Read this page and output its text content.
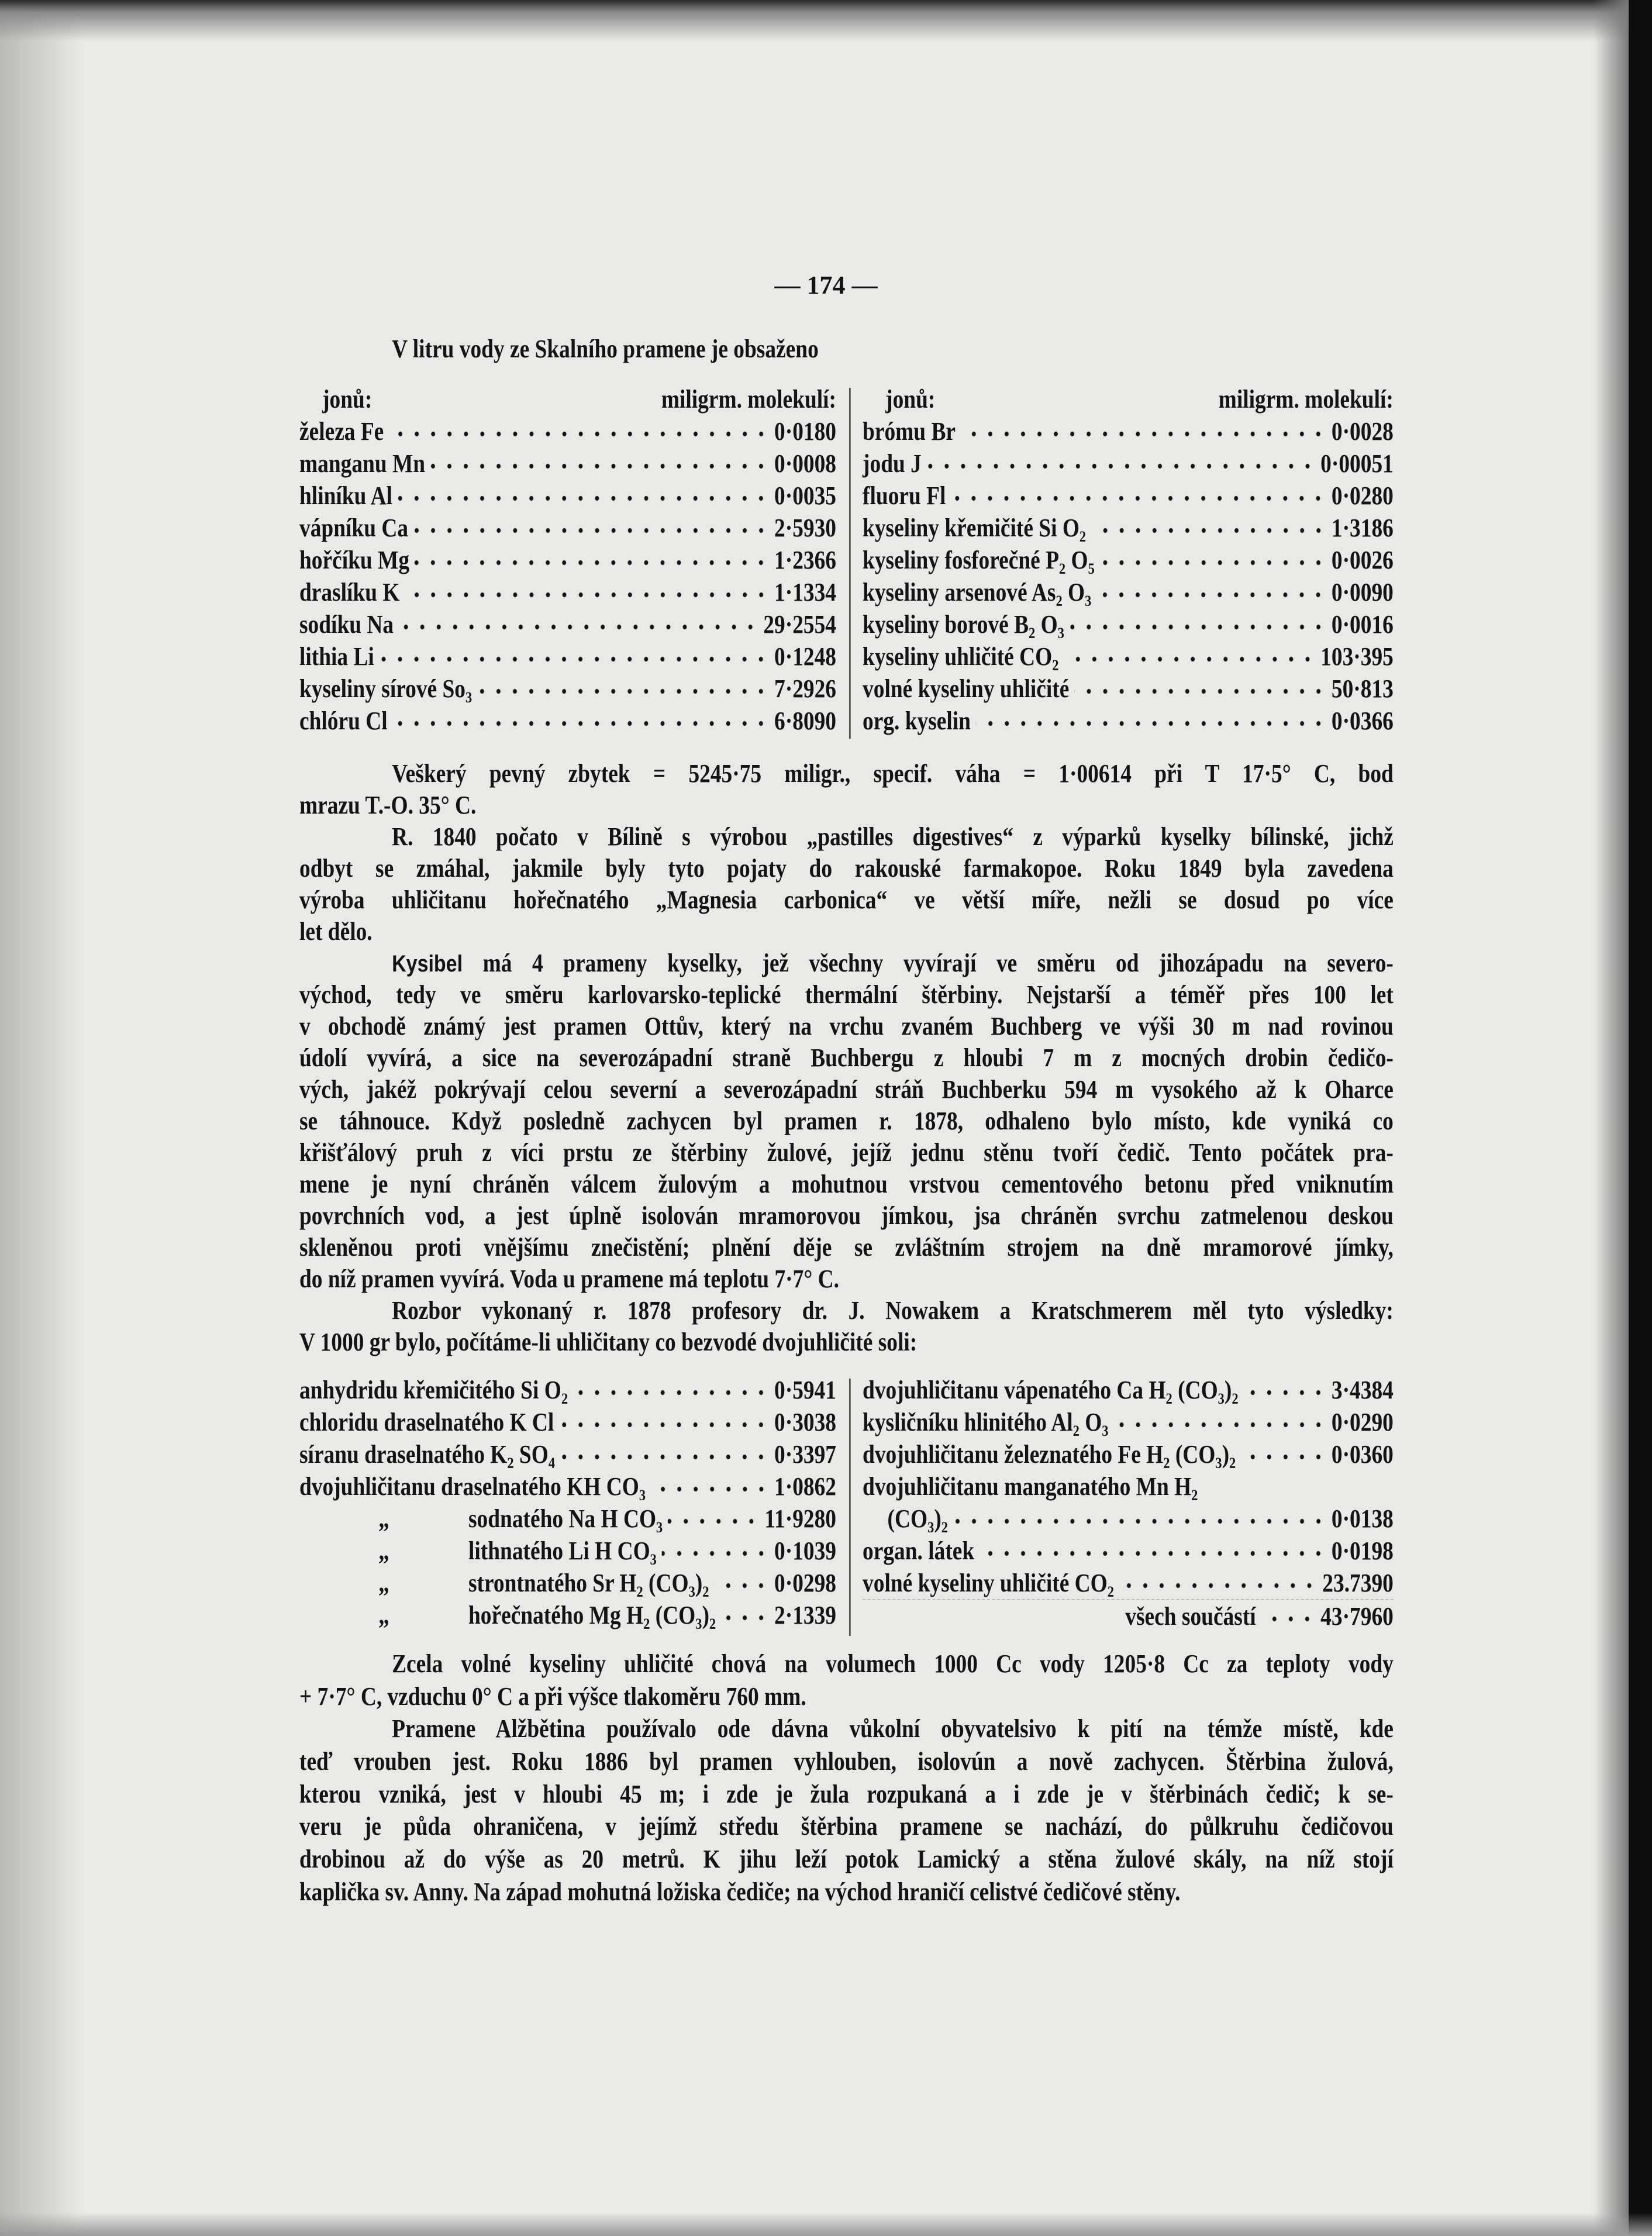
— 174 —
V litru vody ze Skalního pramene je obsaženo
jonů:	miligrm. molekulí:
železa Fe	0·0180
manganu Mn	0·0008
hliníku Al	0·0035
vápníku Ca	2·5930
hořčíku Mg	1·2366
draslíku K	1·1334
sodíku Na	29·2554
lithia Li	0·1248
kyseliny sírové So₃	7·2926
chlóru Cl	6·8090
jonů:	miligrm. molekulí:
brómu Br	0·0028
jodu J	0·00051
fluoru Fl	0·0280
kyseliny křemičité Si O₂	1·3186
kyseliny fosforečné P₂ O₅	0·0026
kyseliny arsenové As₂ O₃	0·0090
kyseliny borové B₂ O₃	0·0016
kyseliny uhličité CO₂	103·395
volné kyseliny uhličité	50·813
org. kyselin	0·0366
Veškerý pevný zbytek = 5245·75 miligr., specif. váha = 1·00614 při T 17·5° C, bod
mrazu T.-O. 35° C.
R. 1840 počato v Bílině s výrobou „pastilles digestives“ z výparků kyselky bílinské, jichž
odbyt se zmáhal, jakmile byly tyto pojaty do rakouské farmakopoe. Roku 1849 byla zavedena
výroba uhličitanu hořečnatého „Magnesia carbonica“ ve větší míře, nežli se dosud po více
let dělo.
Kysibel má 4 prameny kyselky, jež všechny vyvírají ve směru od jihozápadu na severo-
východ, tedy ve směru karlovarsko-teplické thermální štěrbiny. Nejstarší a téměř přes 100 let
v obchodě známý jest pramen Ottův, který na vrchu zvaném Buchberg ve výši 30 m nad rovinou
údolí vyvírá, a sice na severozápadní straně Buchbergu z hloubi 7 m z mocných drobin čedičo-
vých, jakéž pokrývají celou severní a severozápadní stráň Buchberku 594 m vysokého až k Oharce
se táhnouce. Když posledně zachycen byl pramen r. 1878, odhaleno bylo místo, kde vyniká co
křišťálový pruh z víci prstu ze štěrbiny žulové, jejíž jednu stěnu tvoří čedič. Tento počátek pra-
mene je nyní chráněn válcem žulovým a mohutnou vrstvou cementového betonu před vniknutím
povrchních vod, a jest úplně isolován mramorovou jímkou, jsa chráněn svrchu zatmelenou deskou
skleněnou proti vnějšímu znečistění; plnění děje se zvláštním strojem na dně mramorové jímky,
do níž pramen vyvírá. Voda u pramene má teplotu 7·7° C.
Rozbor vykonaný r. 1878 profesory dr. J. Nowakem a Kratschmerem měl tyto výsledky:
V 1000 gr bylo, počítáme-li uhličitany co bezvodé dvojuhličité soli:
anhydridu křemičitého Si O₂	0·5941
chloridu draselnatého K Cl	0·3038
síranu draselnatého K₂ SO₄	0·3397
dvojuhličitanu draselnatého KH CO₃	1·0862
„	sodnatého Na H CO₃	11·9280
„	lithnatého Li H CO₃	0·1039
„	strontnatého Sr H₂ (CO₃)₂	0·0298
„	hořečnatého Mg H₂ (CO₃)₂ 2·1339
dvojuhličitanu vápenatého Ca H₂ (CO₃)₂	3·4384
kysličníku hlinitého Al₂ O₃	0·0290
dvojuhličitanu železnatého Fe H₂ (CO₃)₂	0·0360
dvojuhličitanu manganatého Mn H₂
(CO₃)₂	0·0138
organ. látek	0·0198
volné kyseliny uhličité CO₂	23.7390
všech součástí	43·7960
Zcela volné kyseliny uhličité chová na volumech 1000 Cc vody 1205·8 Cc za teploty vody
+ 7·7° C, vzduchu 0° C a při výšce tlakoměru 760 mm.
Pramene Alžbětina používalo ode dávna vůkolní obyvatelsivo k pití na témže místě, kde
teď vrouben jest. Roku 1886 byl pramen vyhlouben, isolovún a nově zachycen. Štěrbina žulová,
kterou vzniká, jest v hloubi 45 m; i zde je žula rozpukaná a i zde je v štěrbinách čedič; k se-
veru je půda ohraničena, v jejímž středu štěrbina pramene se nachází, do půlkruhu čedičovou
drobinou až do výše as 20 metrů. K jihu leží potok Lamický a stěna žulové skály, na níž stojí
kaplička sv. Anny. Na západ mohutná ložiska čediče; na východ hraničí celistvé čedičové stěny.
